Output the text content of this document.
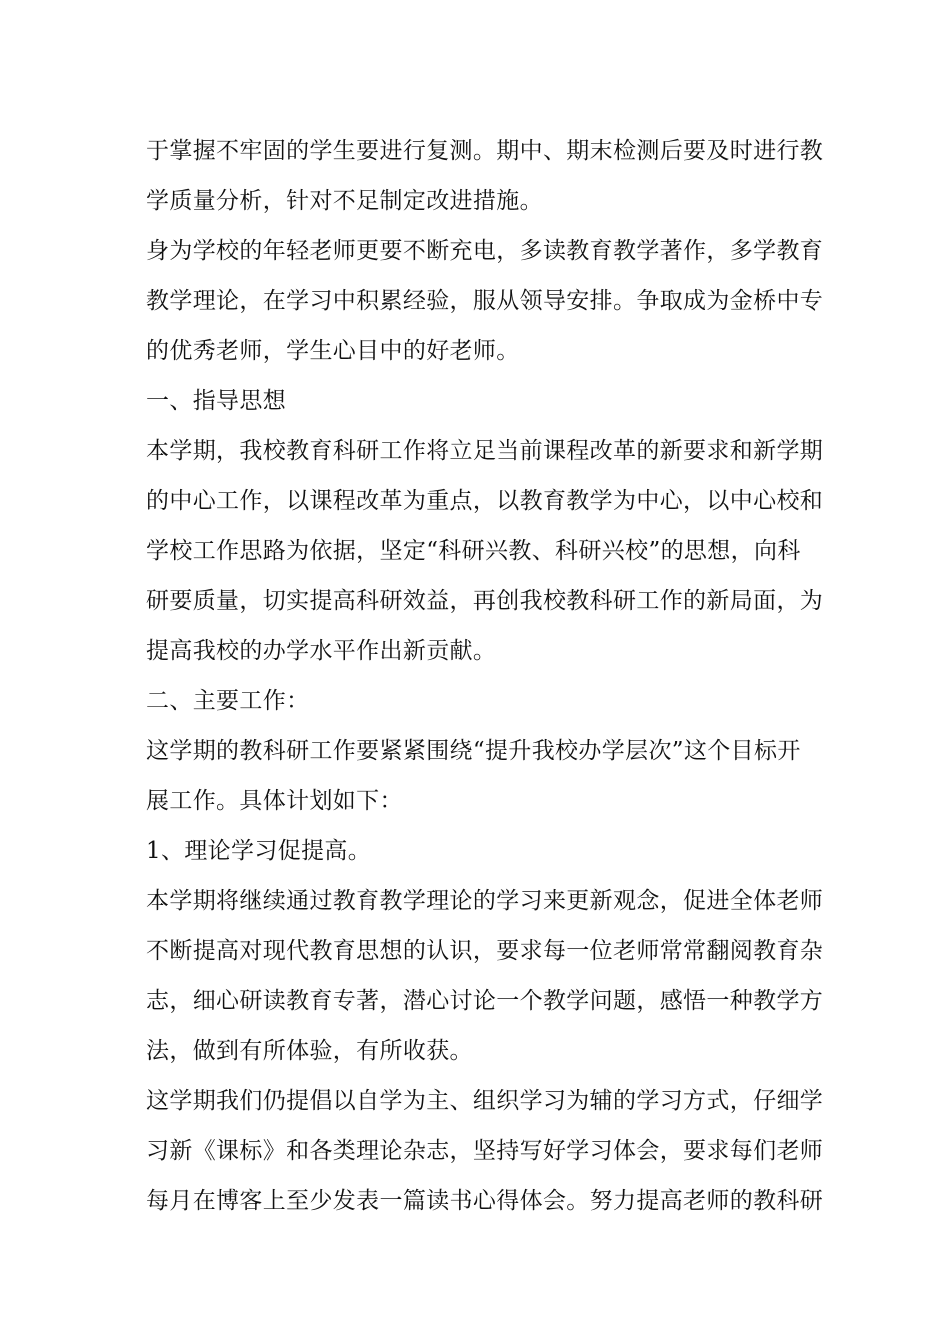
于掌握不牢固的学生要进行复测。期中、期末检测后要及时进行教
学质量分析，针对不足制定改进措施。
身为学校的年轻老师更要不断充电，多读教育教学著作，多学教育
教学理论，在学习中积累经验，服从领导安排。争取成为金桥中专
的优秀老师，学生心目中的好老师。
一、指导思想
本学期，我校教育科研工作将立足当前课程改革的新要求和新学期
的中心工作，以课程改革为重点，以教育教学为中心，以中心校和
学校工作思路为依据，坚定“科研兴教、科研兴校”的思想，向科
研要质量，切实提高科研效益，再创我校教科研工作的新局面，为
提高我校的办学水平作出新贡献。
二、主要工作：
这学期的教科研工作要紧紧围绕“提升我校办学层次”这个目标开
展工作。具体计划如下：
1、理论学习促提高。
本学期将继续通过教育教学理论的学习来更新观念，促进全体老师
不断提高对现代教育思想的认识，要求每一位老师常常翻阅教育杂
志，细心研读教育专著，潜心讨论一个教学问题，感悟一种教学方
法，做到有所体验，有所收获。
这学期我们仍提倡以自学为主、组织学习为辅的学习方式，仔细学
习新《课标》和各类理论杂志，坚持写好学习体会，要求每们老师
每月在博客上至少发表一篇读书心得体会。努力提高老师的教科研
